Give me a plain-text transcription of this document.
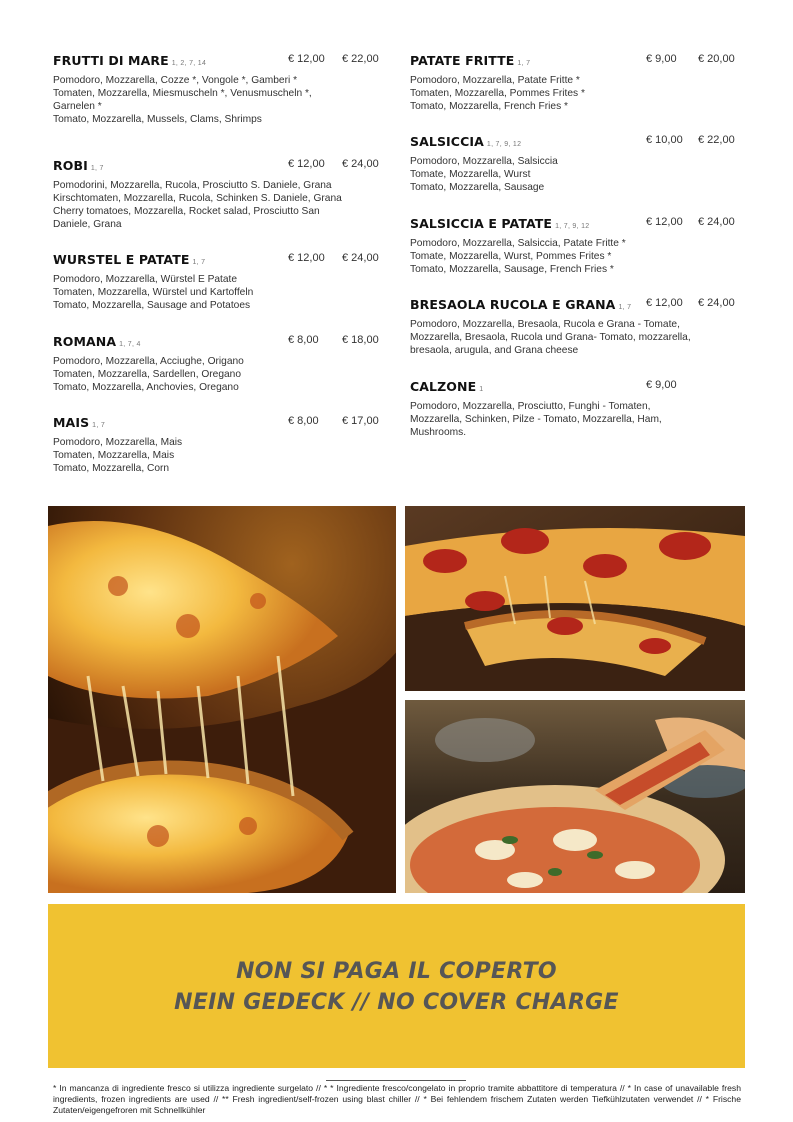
FRUTTI DI MARE 1, 2, 7, 14	€ 12,00 € 22,00
Pomodoro, Mozzarella, Cozze *, Vongole *, Gamberi *
Tomaten, Mozzarella, Miesmuscheln *, Venusmuscheln *,
Garnelen *
Tomato, Mozzarella, Mussels, Clams, Shrimps
ROBI 1, 7	€ 12,00 € 24,00
Pomodorini, Mozzarella, Rucola, Prosciutto S. Daniele, Grana
Kirschtomaten, Mozzarella, Rucola, Schinken S. Daniele, Grana
Cherry tomatoes, Mozzarella, Rocket salad, Prosciutto San
Daniele, Grana
WURSTEL E PATATE 1, 7	€ 12,00 € 24,00
Pomodoro, Mozzarella, Würstel E Patate
Tomaten, Mozzarella, Würstel und Kartoffeln
Tomato, Mozzarella, Sausage and Potatoes
ROMANA 1, 7, 4	€ 8,00 € 18,00
Pomodoro, Mozzarella, Acciughe, Origano
Tomaten, Mozzarella, Sardellen, Oregano
Tomato, Mozzarella, Anchovies, Oregano
MAIS 1, 7	€ 8,00 € 17,00
Pomodoro, Mozzarella, Mais
Tomaten, Mozzarella, Mais
Tomato, Mozzarella, Corn
PATATE FRITTE 1, 7	€ 9,00 € 20,00
Pomodoro, Mozzarella, Patate Fritte *
Tomaten, Mozzarella, Pommes Frites *
Tomato, Mozzarella, French Fries *
SALSICCIA 1, 7, 9, 12	€ 10,00 € 22,00
Pomodoro, Mozzarella, Salsiccia
Tomate, Mozzarella, Wurst
Tomato, Mozzarella, Sausage
SALSICCIA E PATATE 1, 7, 9, 12	€ 12,00 € 24,00
Pomodoro, Mozzarella, Salsiccia, Patate Fritte *
Tomate, Mozzarella, Wurst, Pommes Frites *
Tomato, Mozzarella, Sausage, French Fries *
BRESAOLA RUCOLA E GRANA 1, 7 € 12,00 € 24,00
Pomodoro, Mozzarella, Bresaola, Rucola e Grana - Tomate,
Mozzarella, Bresaola, Rucola und Grana- Tomato, mozzarella,
bresaola, arugula, and Grana cheese
CALZONE 1	€ 9,00
Pomodoro, Mozzarella, Prosciutto, Funghi - Tomaten,
Mozzarella, Schinken, Pilze - Tomato, Mozzarella, Ham,
Mushrooms.
NON SI PAGA IL COPERTO
NEIN GEDECK // NO COVER CHARGE
* In mancanza di ingrediente fresco si utilizza ingrediente surgelato // * * Ingrediente fresco/congelato in proprio tramite abbattitore di temperatura // * In case of unavailable fresh ingredients, frozen ingredients are used // ** Fresh ingredient/self-frozen using blast chiller // * Bei fehlendem frischem Zutaten werden Tiefkühlzutaten verwendet // * Frische Zutaten/eigengefroren mit Schnellkühler
